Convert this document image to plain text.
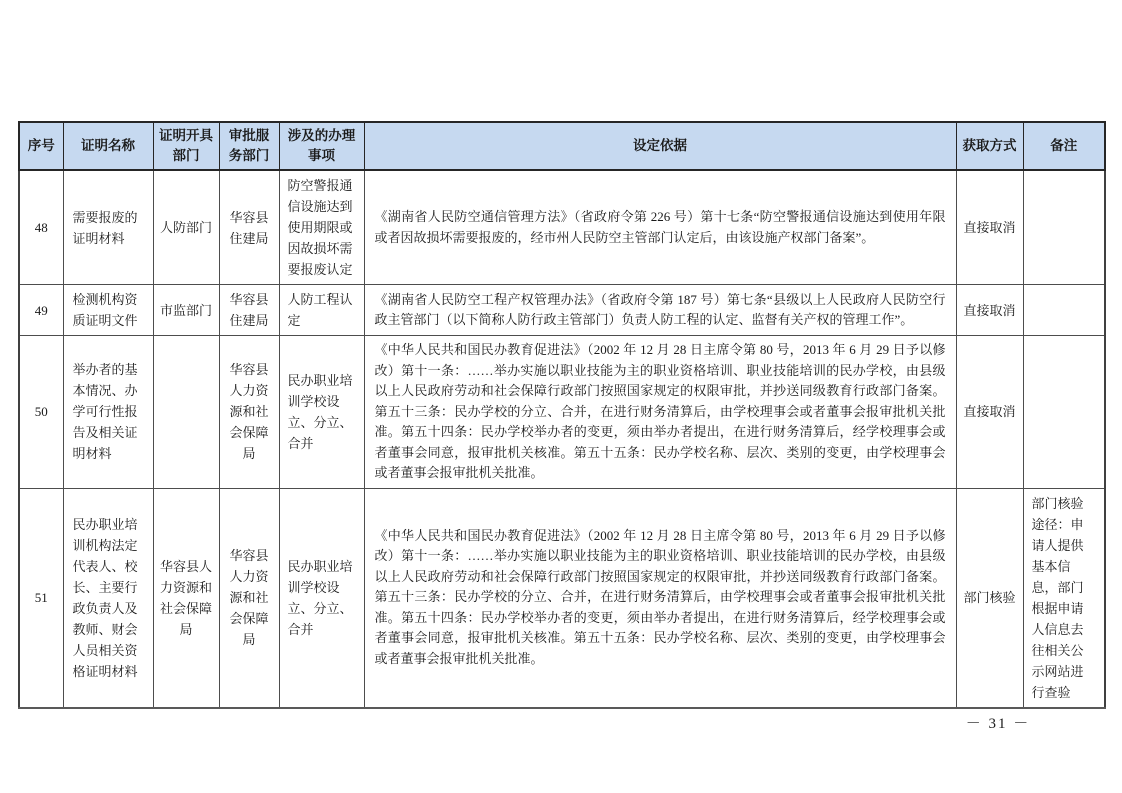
序号	证明名称	证明开具部门	审批服务部门	涉及的办理事项	设定依据	获取方式	备注
48	需要报废的证明材料	人防部门	华容县住建局	防空警报通信设施达到使用期限或因故损坏需要报废认定	《湖南省人民防空通信管理方法》（省政府令第 226 号）第十七条“防空警报通信设施达到使用年限或者因故损坏需要报废的，经市州人民防空主管部门认定后，由该设施产权部门备案”。	直接取消	
49	检测机构资质证明文件	市监部门	华容县住建局	人防工程认定	《湖南省人民防空工程产权管理办法》（省政府令第 187 号）第七条“县级以上人民政府人民防空行政主管部门（以下简称人防行政主管部门）负责人防工程的认定、监督有关产权的管理工作”。	直接取消	
50	举办者的基本情况、办学可行性报告及相关证明材料		华容县人力资源和社会保障局	民办职业培训学校设立、分立、合并	《中华人民共和国民办教育促进法》（2002 年 12 月 28 日主席令第 80 号，2013 年 6 月 29 日予以修改）第十一条：……举办实施以职业技能为主的职业资格培训、职业技能培训的民办学校，由县级以上人民政府劳动和社会保障行政部门按照国家规定的权限审批，并抄送同级教育行政部门备案。第五十三条：民办学校的分立、合并，在进行财务清算后，由学校理事会或者董事会报审批机关批准。第五十四条：民办学校举办者的变更，须由举办者提出，在进行财务清算后，经学校理事会或者董事会同意，报审批机关核准。第五十五条：民办学校名称、层次、类别的变更，由学校理事会或者董事会报审批机关批准。	直接取消	
51	民办职业培训机构法定代表人、校长、主要行政负责人及教师、财会人员相关资格证明材料	华容县人力资源和社会保障局	华容县人力资源和社会保障局	民办职业培训学校设立、分立、合并	《中华人民共和国民办教育促进法》（2002 年 12 月 28 日主席令第 80 号，2013 年 6 月 29 日予以修改）第十一条：……举办实施以职业技能为主的职业资格培训、职业技能培训的民办学校，由县级以上人民政府劳动和社会保障行政部门按照国家规定的权限审批，并抄送同级教育行政部门备案。第五十三条：民办学校的分立、合并，在进行财务清算后，由学校理事会或者董事会报审批机关批准。第五十四条：民办学校举办者的变更，须由举办者提出，在进行财务清算后，经学校理事会或者董事会同意，报审批机关核准。第五十五条：民办学校名称、层次、类别的变更，由学校理事会或者董事会报审批机关批准。	部门核验	部门核验途径：申请人提供基本信息，部门根据申请人信息去往相关公示网站进行查验
－ 31 －
